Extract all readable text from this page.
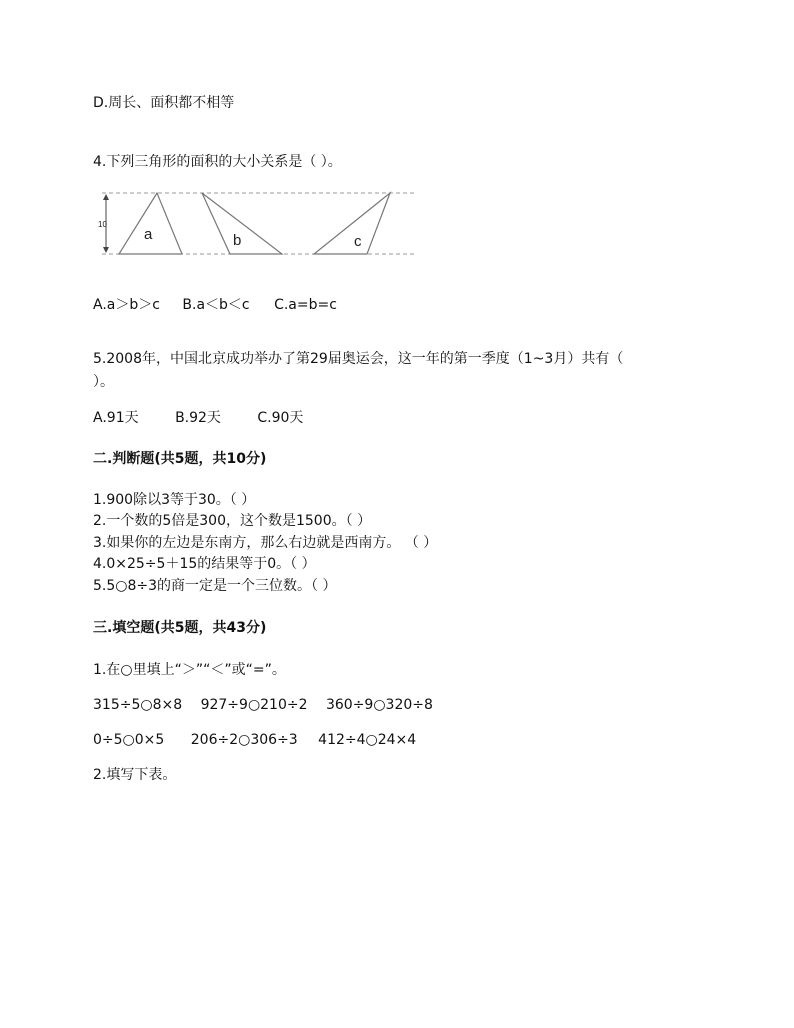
D.周长、面积都不相等
4.下列三角形的面积的大小关系是（ ）。
10
a	b	c
A.a＞b＞c B.a＜b＜c C.a=b=c
5.2008年，中国北京成功举办了第29届奥运会，这一年的第一季度（1~3月）共有（
）。
A.91天	B.92天	C.90天
二.判断题(共5题，共10分)
1.900除以3等于30。（ ）
2.一个数的5倍是300，这个数是1500。（ ）
3.如果你的左边是东南方，那么右边就是西南方。 （ ）
4.0×25÷5＋15的结果等于0。（ ）
5.5○8÷3的商一定是一个三位数。（ ）
三.填空题(共5题，共43分)
1.在○里填上“＞”“＜”或“=”。
315÷5○8×8 927÷9○210÷2 360÷9○320÷8
0÷5○0×5 206÷2○306÷3 412÷4○24×4
2.填写下表。
